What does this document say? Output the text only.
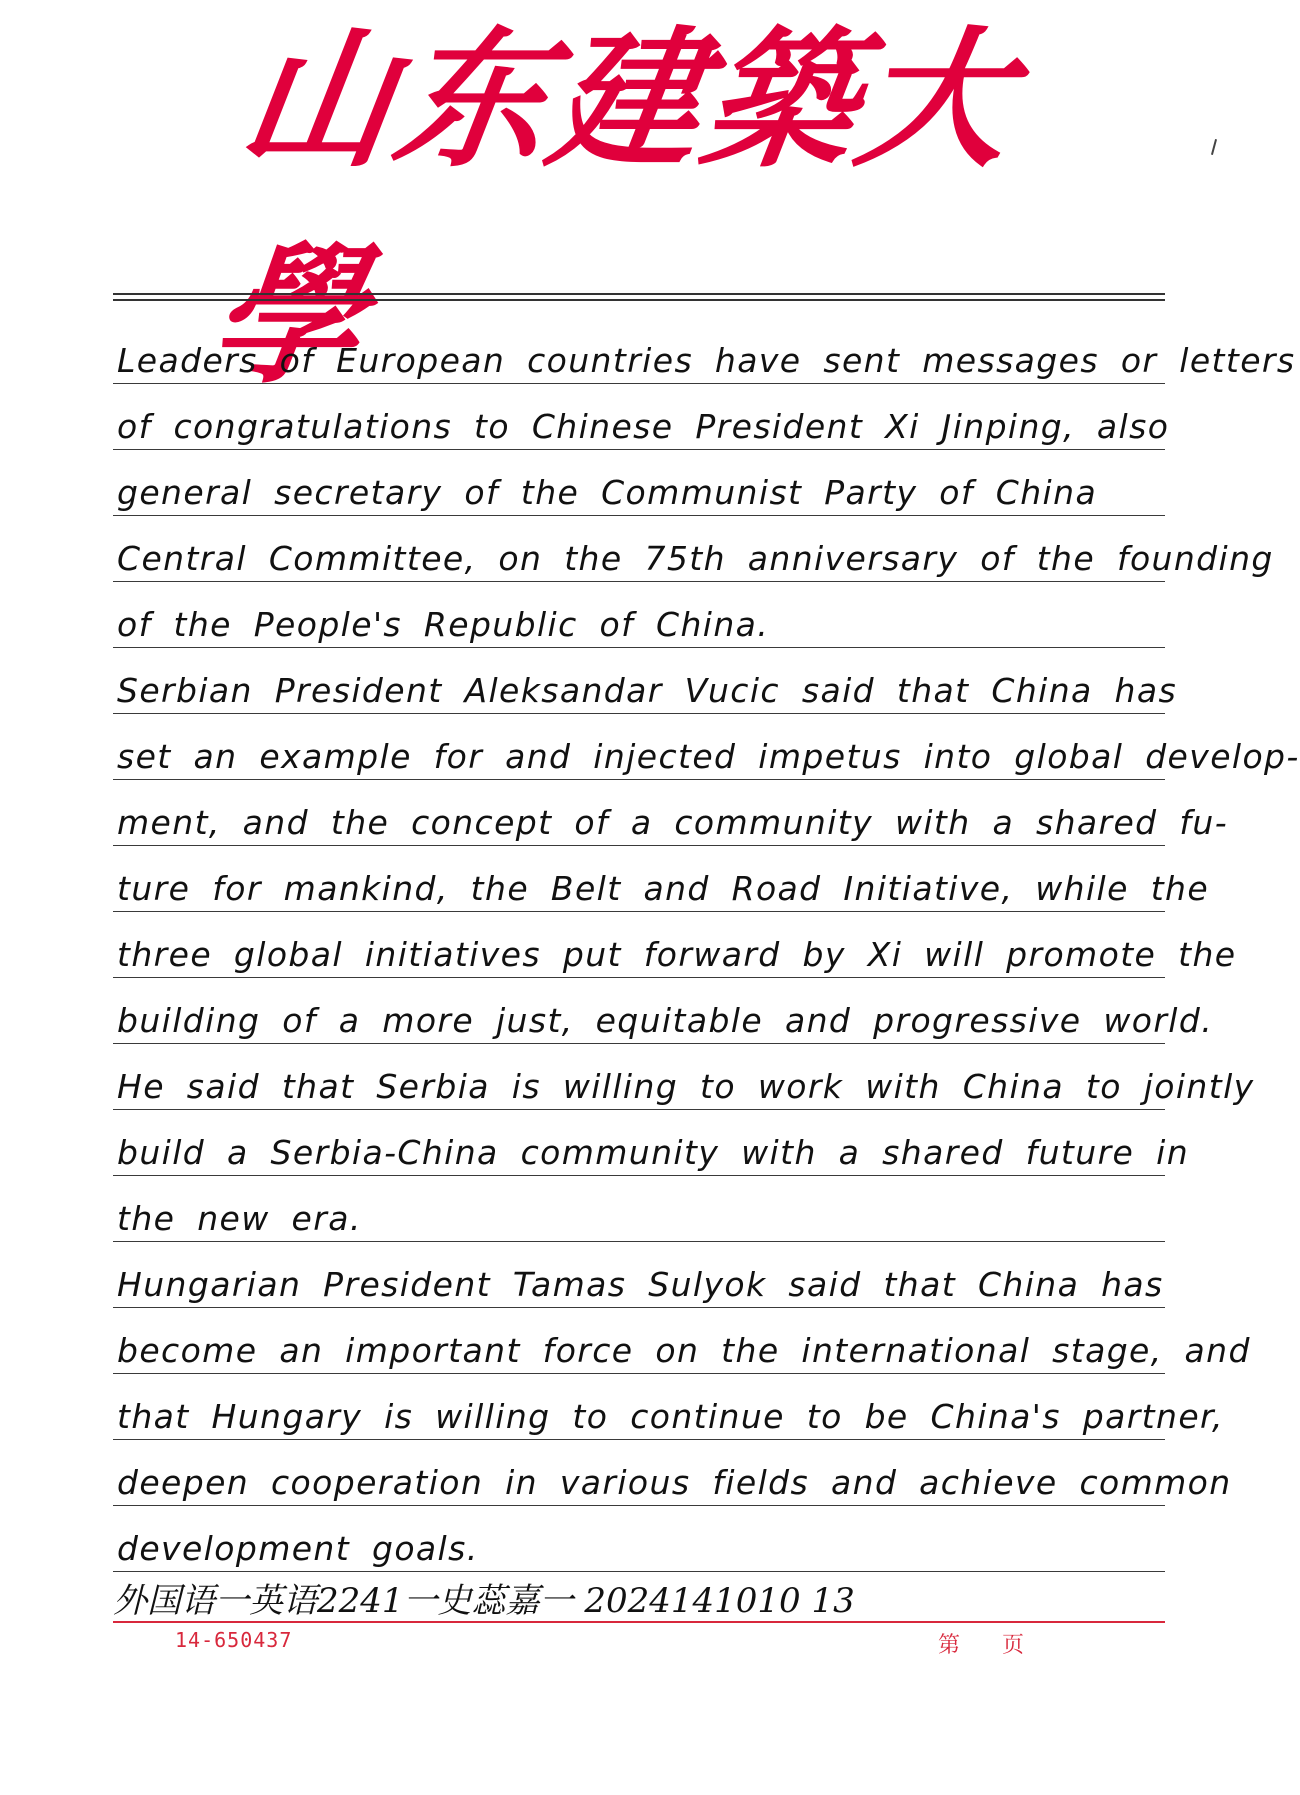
山东建築大學
Leaders of European countries have sent messages or letters
of congratulations to Chinese President Xi Jinping, also
general secretary of the Communist Party of China
Central Committee, on the 75th anniversary of the founding
of the People's Republic of China.
Serbian President Aleksandar Vucic said that China has
set an example for and injected impetus into global develop-
ment, and the concept of a community with a shared fu-
ture for mankind, the Belt and Road Initiative, while the
three global initiatives put forward by Xi will promote the
building of a more just, equitable and progressive world.
He said that Serbia is willing to work with China to jointly
build a Serbia-China community with a shared future in
the new era.
Hungarian President Tamas Sulyok said that China has
become an important force on the international stage, and
that Hungary is willing to continue to be China's partner,
deepen cooperation in various fields and achieve common
development goals.
外国语一英语2241一史蕊嘉一 2024141010 13
14-650437	第      页
